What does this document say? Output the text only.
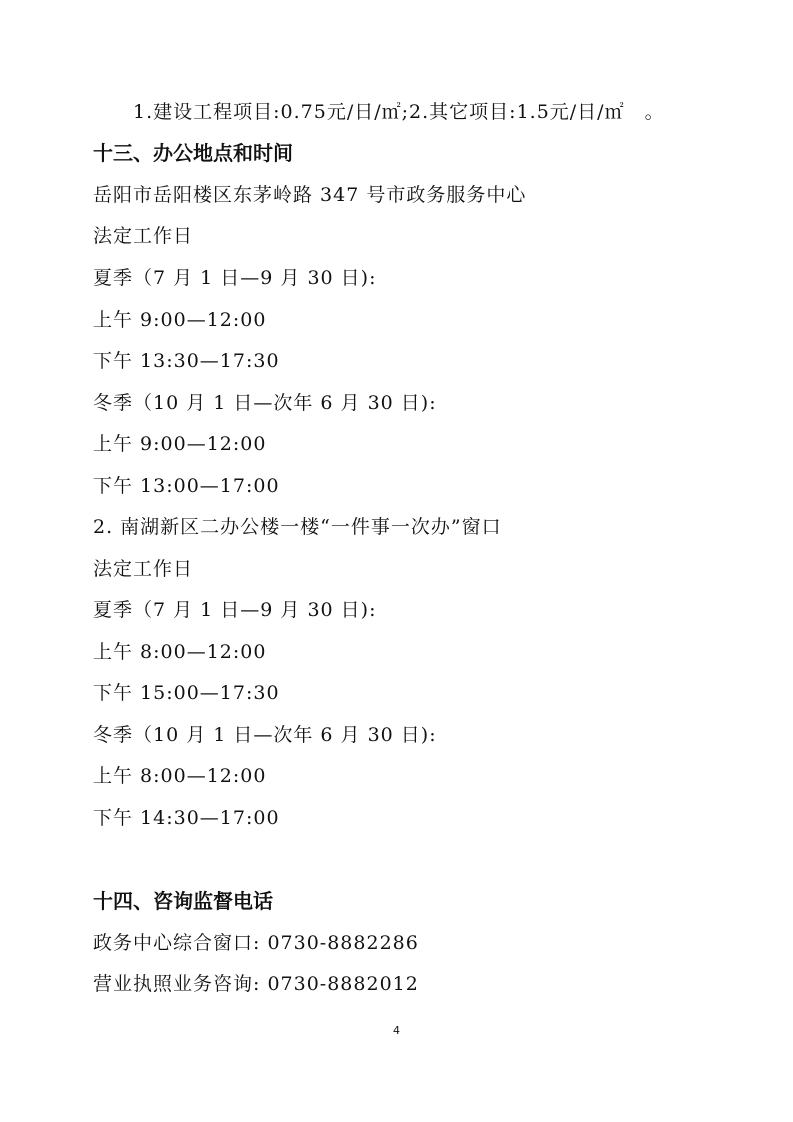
1.建设工程项目:0.75元/日/㎡;2.其它项目:1.5元/日/㎡　。
十三、办公地点和时间
岳阳市岳阳楼区东茅岭路 347 号市政务服务中心
法定工作日
夏季（7 月 1 日—9 月 30 日):
上午 9:00—12:00
下午 13:30—17:30
冬季（10 月 1 日—次年 6 月 30 日):
上午 9:00—12:00
下午 13:00—17:00
2. 南湖新区二办公楼一楼“一件事一次办”窗口
法定工作日
夏季（7 月 1 日—9 月 30 日):
上午 8:00—12:00
下午 15:00—17:30
冬季（10 月 1 日—次年 6 月 30 日):
上午 8:00—12:00
下午 14:30—17:00
十四、咨询监督电话
政务中心综合窗口: 0730-8882286
营业执照业务咨询: 0730-8882012
4
